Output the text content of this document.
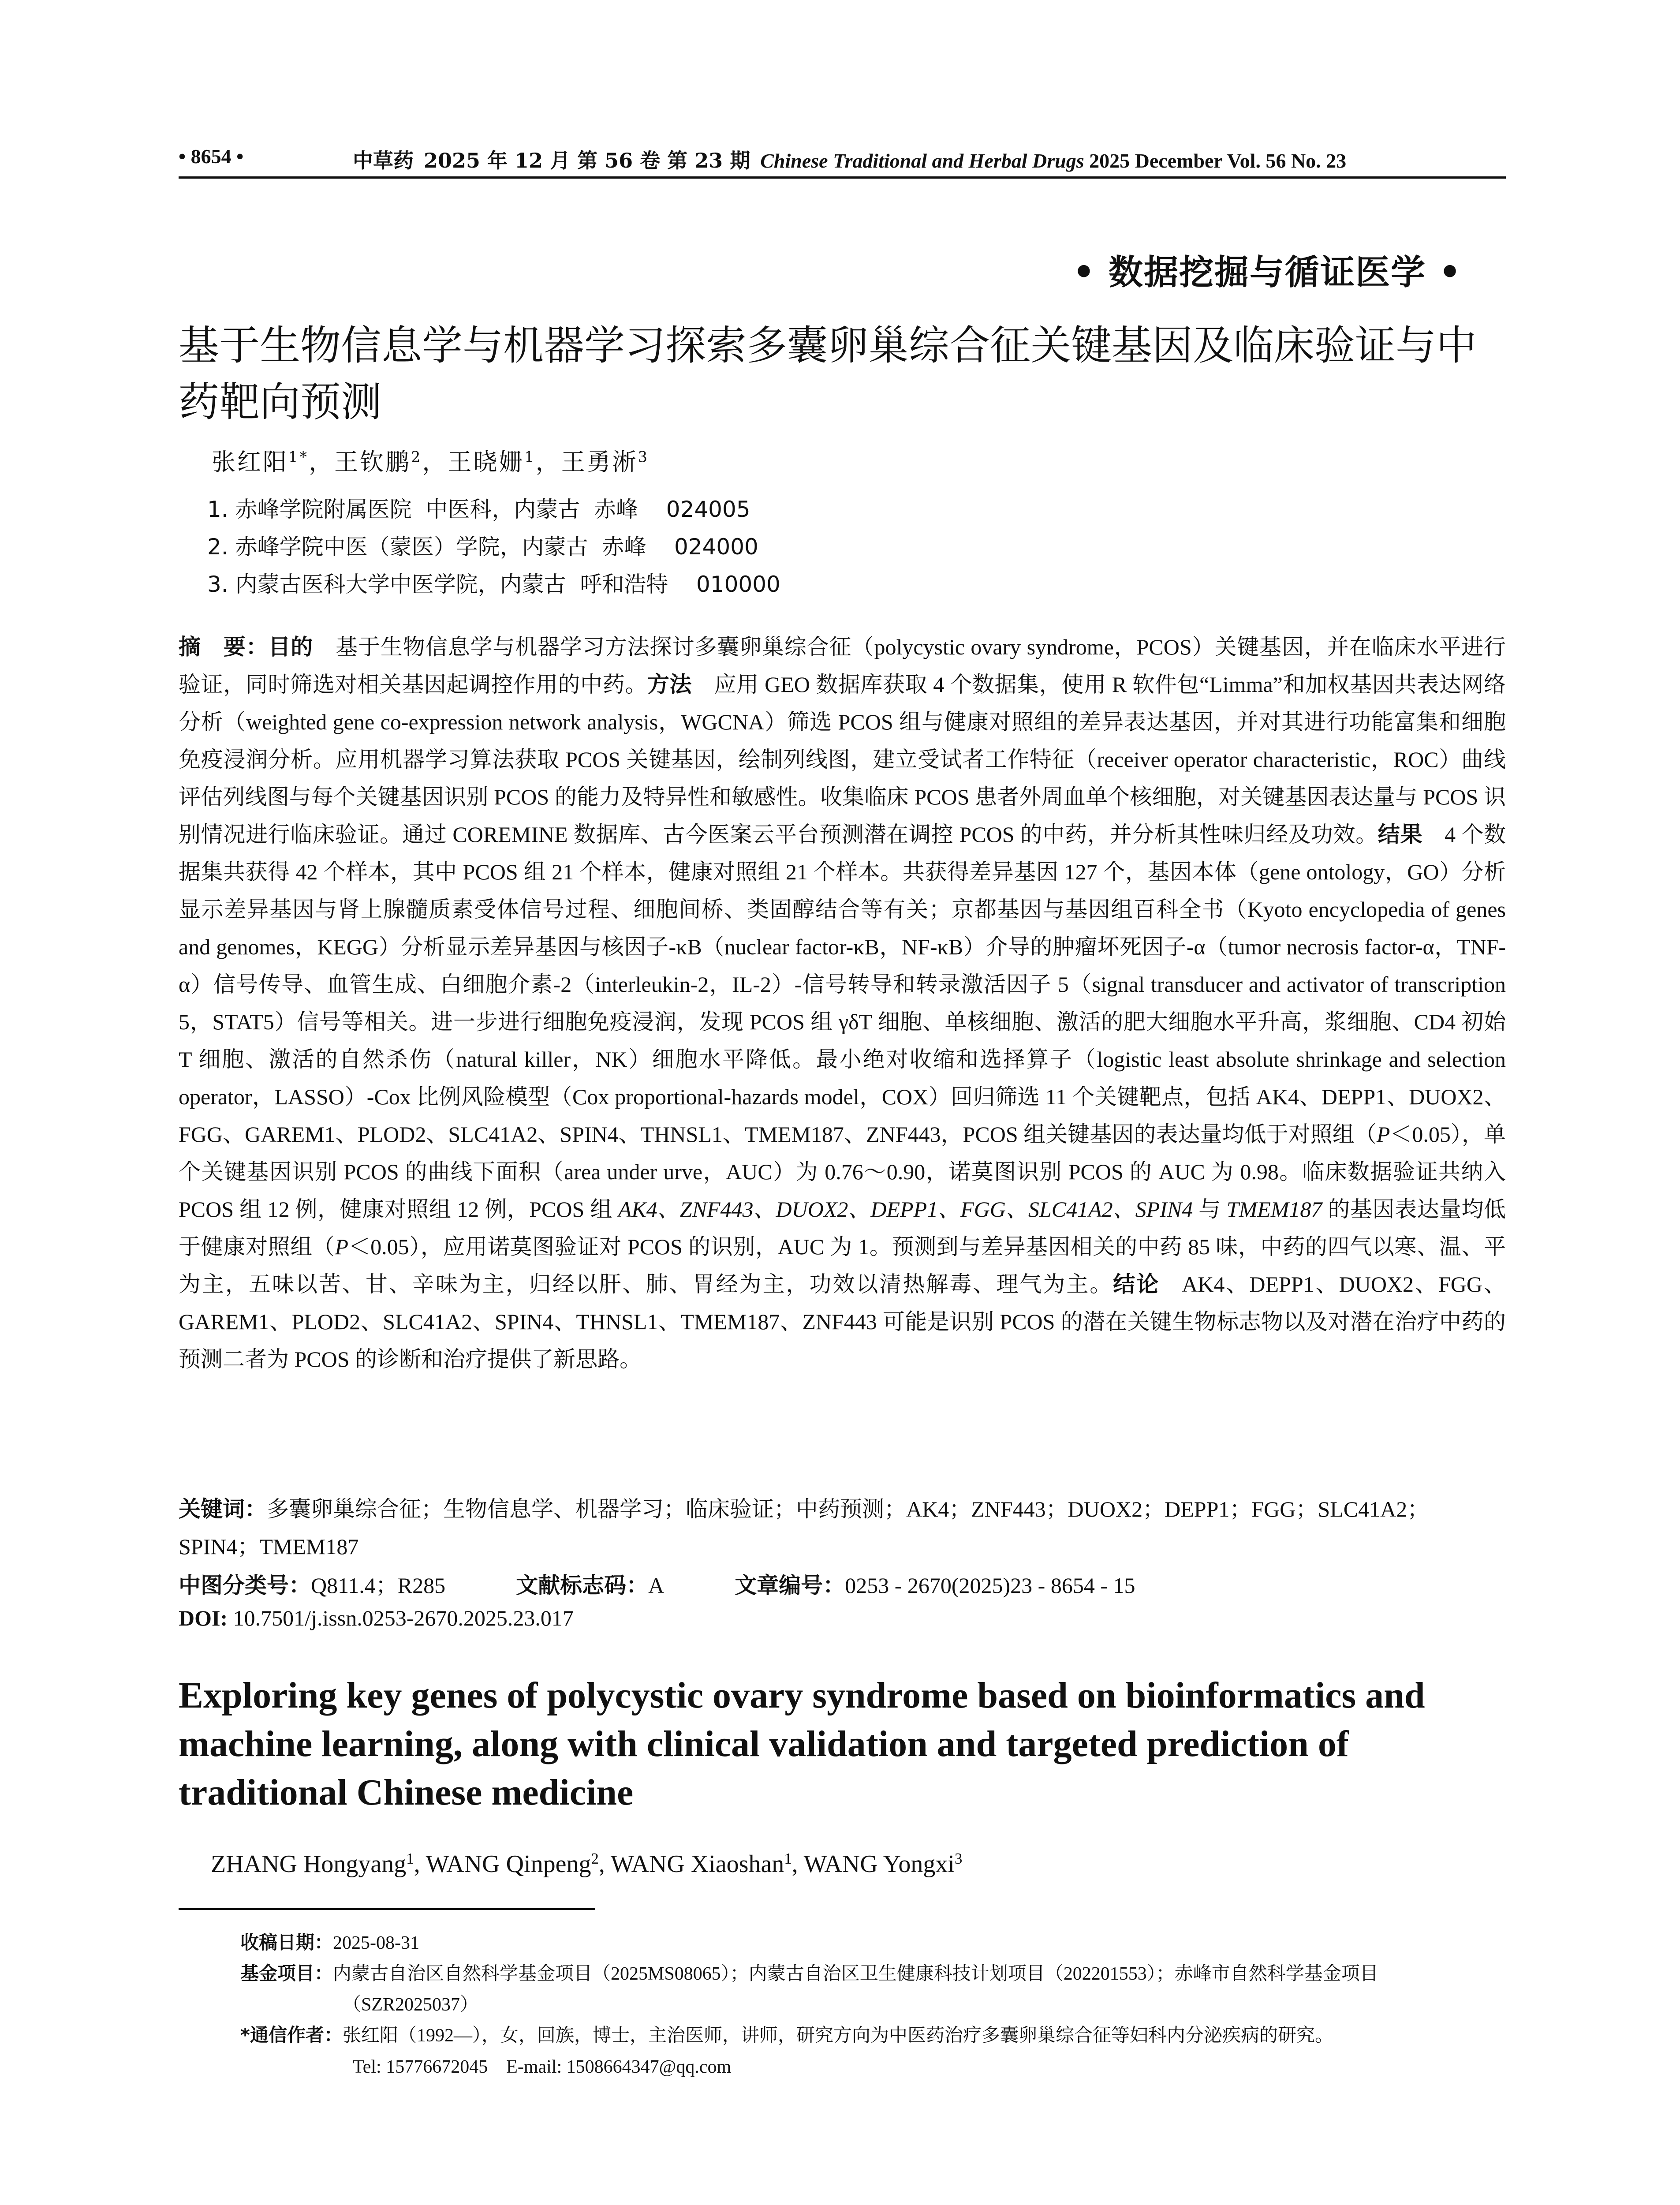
• 8654 •	中草药 2025 年 12 月 第 56 卷 第 23 期 Chinese Traditional and Herbal Drugs 2025 December Vol. 56 No. 23
• 数据挖掘与循证医学 •
基于生物信息学与机器学习探索多囊卵巢综合征关键基因及临床验证与中药靶向预测
张红阳$^{1*}$，王钦鹏$^2$，王晓姗$^1$，王勇淅$^3$
1. 赤峰学院附属医院  中医科，内蒙古  赤峰    024005
2. 赤峰学院中医（蒙医）学院，内蒙古  赤峰    024000
3. 内蒙古医科大学中医学院，内蒙古  呼和浩特    010000

摘　要：目的  基于生物信息学与机器学习方法探讨多囊卵巢综合征（polycystic ovary syndrome，PCOS）关键基因，并在临床水平进行验证，同时筛选对相关基因起调控作用的中药。方法  应用 GEO 数据库获取 4 个数据集，使用 R 软件包“Limma”和加权基因共表达网络分析（weighted gene co-expression network analysis，WGCNA）筛选 PCOS 组与健康对照组的差异表达基因，并对其进行功能富集和细胞免疫浸润分析。应用机器学习算法获取 PCOS 关键基因，绘制列线图，建立受试者工作特征（receiver operator characteristic，ROC）曲线评估列线图与每个关键基因识别 PCOS 的能力及特异性和敏感性。收集临床 PCOS 患者外周血单个核细胞，对关键基因表达量与 PCOS 识别情况进行临床验证。通过 COREMINE 数据库、古今医案云平台预测潜在调控 PCOS 的中药，并分析其性味归经及功效。结果  4 个数据集共获得 42 个样本，其中 PCOS 组 21 个样本，健康对照组 21 个样本。共获得差异基因 127 个，基因本体（gene ontology，GO）分析显示差异基因与肾上腺髓质素受体信号过程、细胞间桥、类固醇结合等有关；京都基因与基因组百科全书（Kyoto encyclopedia of genes and genomes，KEGG）分析显示差异基因与核因子-κB（nuclear factor-κB，NF-κB）介导的肿瘤坏死因子-α（tumor necrosis factor-α，TNF-α）信号传导、血管生成、白细胞介素-2（interleukin-2，IL-2）-信号转导和转录激活因子 5（signal transducer and activator of transcription 5，STAT5）信号等相关。进一步进行细胞免疫浸润，发现 PCOS 组 γδT 细胞、单核细胞、激活的肥大细胞水平升高，浆细胞、CD4 初始 T 细胞、激活的自然杀伤（natural killer，NK）细胞水平降低。最小绝对收缩和选择算子（logistic least absolute shrinkage and selection operator，LASSO）-Cox 比例风险模型（Cox proportional-hazards model，COX）回归筛选 11 个关键靶点，包括 AK4、DEPP1、DUOX2、FGG、GAREM1、PLOD2、SLC41A2、SPIN4、THNSL1、TMEM187、ZNF443，PCOS 组关键基因的表达量均低于对照组（P＜0.05），单个关键基因识别 PCOS 的曲线下面积（area under urve，AUC）为 0.76～0.90，诺莫图识别 PCOS 的 AUC 为 0.98。临床数据验证共纳入 PCOS 组 12 例，健康对照组 12 例，PCOS 组 AK4、ZNF443、DUOX2、DEPP1、FGG、SLC41A2、SPIN4 与 TMEM187 的基因表达量均低于健康对照组（P＜0.05），应用诺莫图验证对 PCOS 的识别，AUC 为 1。预测到与差异基因相关的中药 85 味，中药的四气以寒、温、平为主，五味以苦、甘、辛味为主，归经以肝、肺、胃经为主，功效以清热解毒、理气为主。结论  AK4、DEPP1、DUOX2、FGG、GAREM1、PLOD2、SLC41A2、SPIN4、THNSL1、TMEM187、ZNF443 可能是识别 PCOS 的潜在关键生物标志物以及对潜在治疗中药的预测二者为 PCOS 的诊断和治疗提供了新思路。

关键词：多囊卵巢综合征；生物信息学、机器学习；临床验证；中药预测；AK4；ZNF443；DUOX2；DEPP1；FGG；SLC41A2；SPIN4；TMEM187

中图分类号：Q811.4；R285	文献标志码：A	文章编号：0253 - 2670(2025)23 - 8654 - 15
DOI: 10.7501/j.issn.0253-2670.2025.23.017
Exploring key genes of polycystic ovary syndrome based on bioinformatics and machine learning, along with clinical validation and targeted prediction of traditional Chinese medicine
ZHANG Hongyang$^1$, WANG Qinpeng$^2$, WANG Xiaoshan$^1$, WANG Yongxi$^3$
收稿日期：2025-08-31
基金项目：内蒙古自治区自然科学基金项目（2025MS08065）；内蒙古自治区卫生健康科技计划项目（202201553）；赤峰市自然科学基金项目
（SZR2025037）
*通信作者：张红阳（1992—），女，回族，博士，主治医师，讲师，研究方向为中医药治疗多囊卵巢综合征等妇科内分泌疾病的研究。
Tel: 15776672045    E-mail: 1508664347@qq.com
